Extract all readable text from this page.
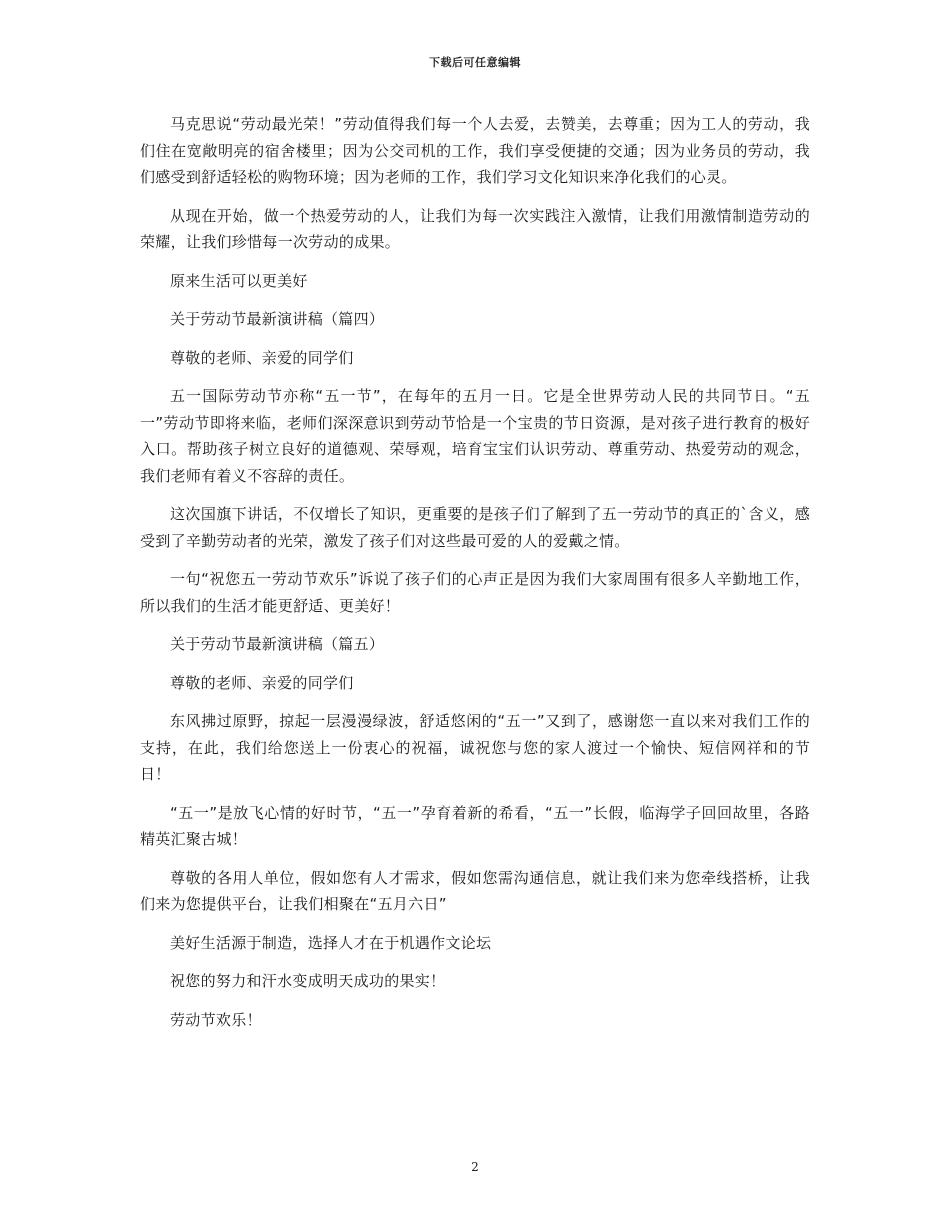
下载后可任意编辑

马克思说“劳动最光荣！”劳动值得我们每一个人去爱，去赞美，去尊重；因为工人的劳动，我们住在宽敞明亮的宿舍楼里；因为公交司机的工作，我们享受便捷的交通；因为业务员的劳动，我们感受到舒适轻松的购物环境；因为老师的工作，我们学习文化知识来净化我们的心灵。

从现在开始，做一个热爱劳动的人，让我们为每一次实践注入激情，让我们用激情制造劳动的荣耀，让我们珍惜每一次劳动的成果。

原来生活可以更美好

关于劳动节最新演讲稿（篇四）

尊敬的老师、亲爱的同学们

五一国际劳动节亦称“五一节”，在每年的五月一日。它是全世界劳动人民的共同节日。“五一”劳动节即将来临，老师们深深意识到劳动节恰是一个宝贵的节日资源，是对孩子进行教育的极好入口。帮助孩子树立良好的道德观、荣辱观，培育宝宝们认识劳动、尊重劳动、热爱劳动的观念，我们老师有着义不容辞的责任。

这次国旗下讲话，不仅增长了知识，更重要的是孩子们了解到了五一劳动节的真正的`含义，感受到了辛勤劳动者的光荣，激发了孩子们对这些最可爱的人的爱戴之情。

一句“祝您五一劳动节欢乐”诉说了孩子们的心声正是因为我们大家周围有很多人辛勤地工作，所以我们的生活才能更舒适、更美好！

关于劳动节最新演讲稿（篇五）

尊敬的老师、亲爱的同学们

东风拂过原野，掠起一层漫漫绿波，舒适悠闲的“五一”又到了，感谢您一直以来对我们工作的支持，在此，我们给您送上一份衷心的祝福，诚祝您与您的家人渡过一个愉快、短信网祥和的节日！

“五一”是放飞心情的好时节，“五一”孕育着新的希看，“五一”长假，临海学子回回故里，各路精英汇聚古城！

尊敬的各用人单位，假如您有人才需求，假如您需沟通信息，就让我们来为您牵线搭桥，让我们来为您提供平台，让我们相聚在“五月六日”

美好生活源于制造，选择人才在于机遇作文论坛

祝您的努力和汗水变成明天成功的果实！

劳动节欢乐！

2
